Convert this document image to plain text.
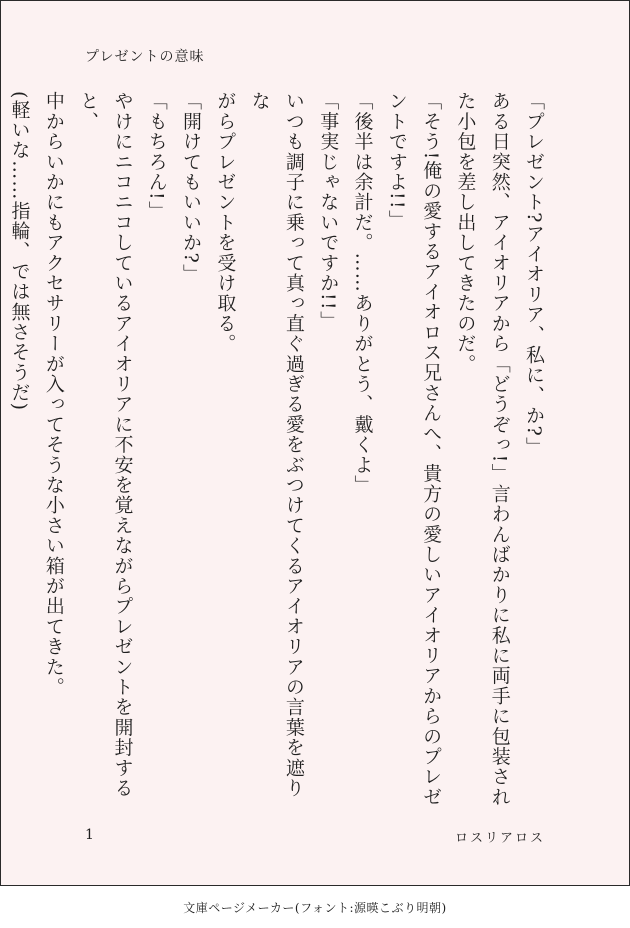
プレゼントの意味

「プレゼント?アイオリア、私に、か?」

ある日突然、アイオリアから「どうぞっ!」言わんばかりに私に両手に包装され

た小包を差し出してきたのだ。

「そう!俺の愛するアイオロス兄さんへ、貴方の愛しいアイオリアからのプレゼ

ントですよ!!」

「後半は余計だ。……ありがとう、戴くよ」

「事実じゃないですか!!」

いつも調子に乗って真っ直ぐ過ぎる愛をぶつけてくるアイオリアの言葉を遮りな

がらプレゼントを受け取る。

「開けてもいいか?」

「もちろん!」

やけにニコニコしているアイオリアに不安を覚えながらプレゼントを開封すると、

中からいかにもアクセサリーが入ってそうな小さい箱が出てきた。

(軽いな……指輪、では無さそうだ)

1	ロスリアロス
文庫ページメーカー(フォント:源暎こぶり明朝)
